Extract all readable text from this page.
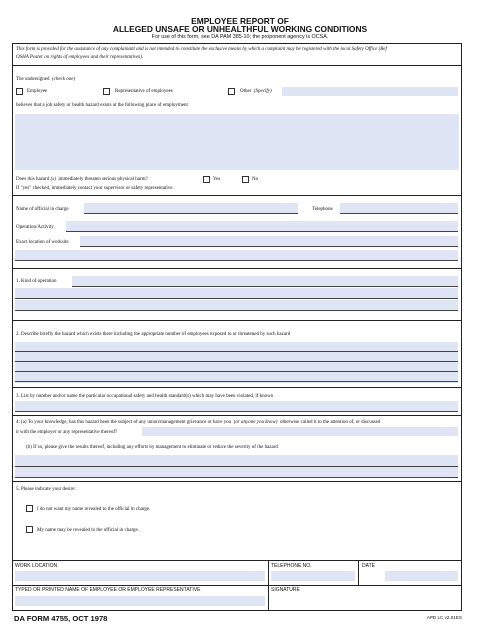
EMPLOYEE REPORT OF
ALLEGED UNSAFE OR UNHEALTHFUL WORKING CONDITIONS
For use of this form, see DA PAM 385-10; the proponent agency is OCSA.
This form is provided for the assistance of any complainant and is not intended to constitute the exclusive means by which a complaint may be registered with the local Safety Office (Ref
OSHA Poster on rights of employees and their representatives).
The undersigned (check one)
Employee	Representative of employees	Other (Specify)
believes that a job safety or health hazard exists at the following place of employment
Does this hazard (s) immediately threaten serious physical harm?	Yes	No
If "yes" checked, immediately contact your supervisor or safety representative.
Name of official in charge	Telephone
Operation/Activity
Exact location of worksite
1. Kind of operation
2. Describe briefly the hazard which exists there including the appropriate number of employees exposed to or threatened by such hazard
3. List by number and/or name the particular occupational safety and health standard(s) which may have been violated, if known
4. (a) To your knowledge, has this hazard been the subject of any union/management grievance or have you (or anyone you know) otherwise called it to the attention of, or discussed
it with the employer or any representative thereof?
(b) If so, please give the results thereof, including any efforts by management to eliminate or reduce the severity of the hazard
5. Please indicate your desire:
I do not want my name revealed to the official in charge.
My name may be revealed to the official in charge.
WORK LOCATION	TELEPHONE NO.	DATE
TYPED OR PRINTED NAME OF EMPLOYEE OR EMPLOYEE REPRESENTATIVE	SIGNATURE
DA FORM 4755, OCT 1978	APD LC v2.01ES
